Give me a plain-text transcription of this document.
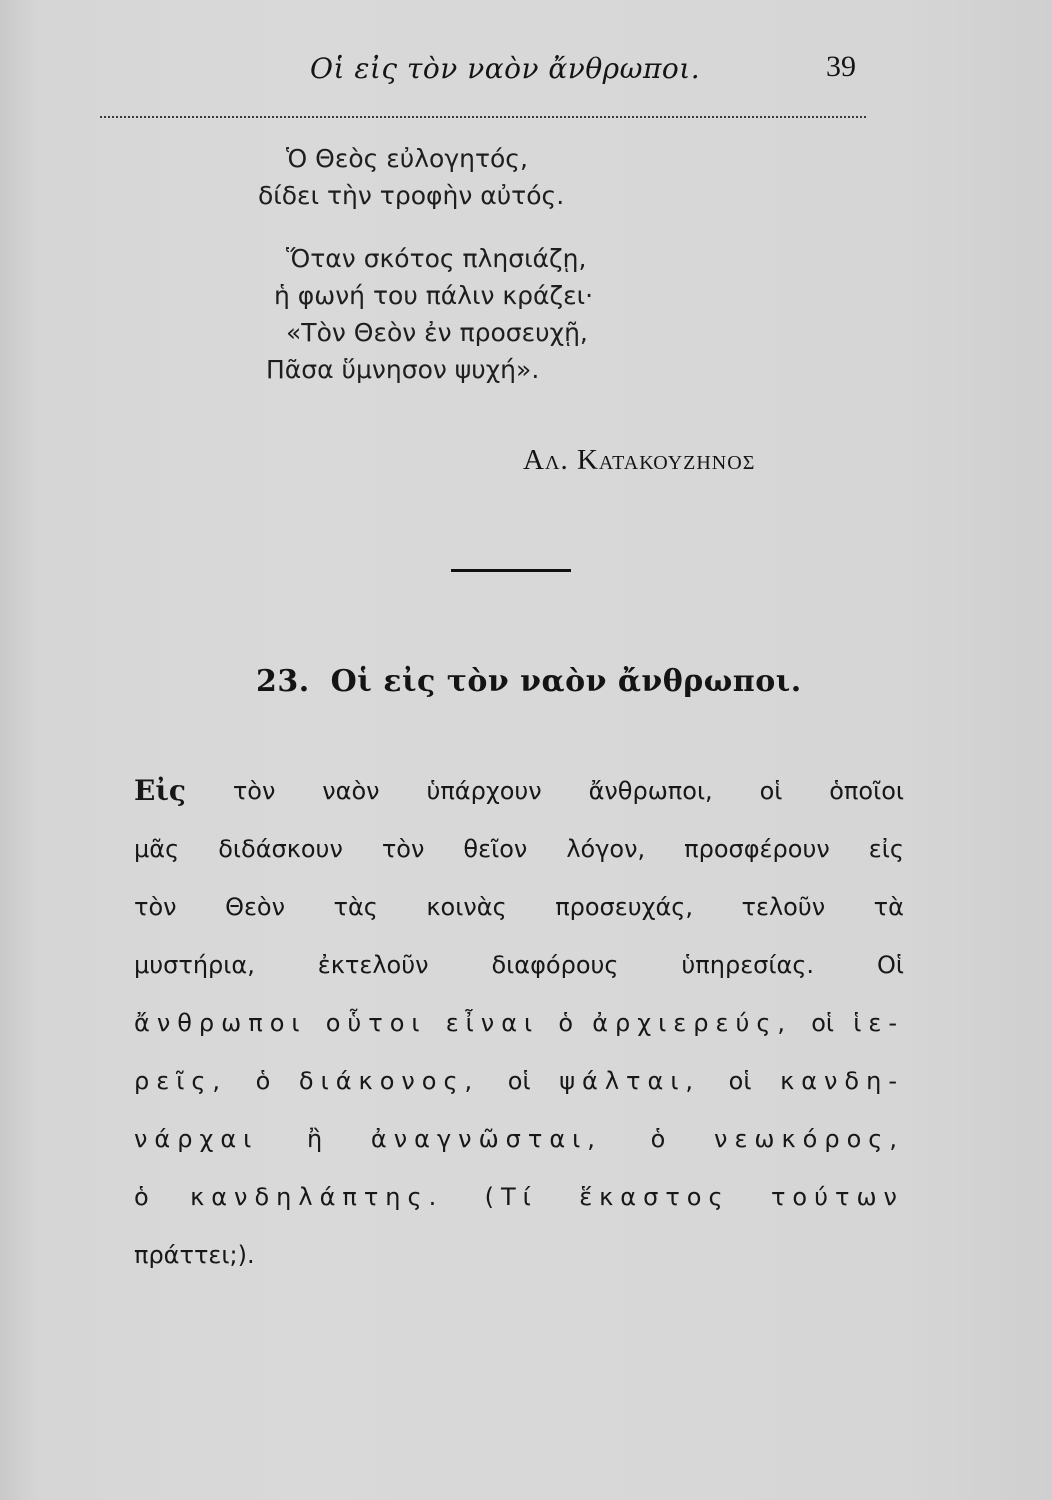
Οἱ εἰς τὸν ναὸν ἄνθρωποι.	39
Ὁ Θεὸς εὐλογητός,
δίδει τὴν τροφὴν αὐτός.
Ὅταν σκότος πλησιάζῃ,
ἡ φωνή του πάλιν κράζει·
«Τὸν Θεὸν ἐν προσευχῇ,
Πᾶσα ὕμνησον ψυχή».
Αλ. Κατακουζηνος
23. Οἱ εἰς τὸν ναὸν ἄνθρωποι.
Εἰς τὸν ναὸν ὑπάρχουν ἄνθρωποι, οἱ ὁποῖοι
μᾶς διδάσκουν τὸν θεῖον λόγον, προσφέρουν εἰς
τὸν Θεὸν τὰς κοινὰς προσευχάς, τελοῦν τὰ
μυστήρια,	ἐκτελοῦν	διαφόρους	ὑπηρεσίας.	Οἱ
ἄνθρωποι οὗτοι εἶναι ὁ ἀρχιερεύς, οἱ ἱε-
ρεῖς, ὁ διάκονος, οἱ ψάλται, οἱ κανδη-
νάρχαι ἢ ἀναγνῶσται, ὁ νεωκόρος,
ὁ κανδηλάπτης. (Τί ἕκαστος τούτων
πράττει;).
